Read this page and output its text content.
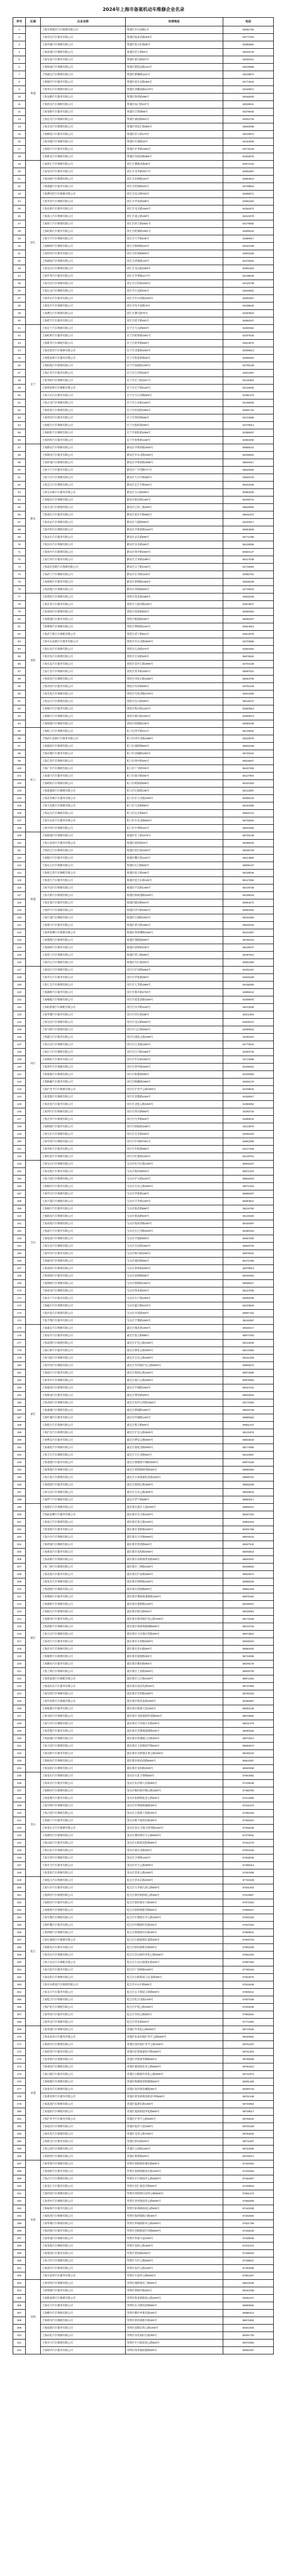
2024年上海市备案机动车维修企业名录
序号	区域	企业名称	经营地址	电话
1	黄浦	上海市黄浦区汽车修理有限公司	黄浦区中山南路1号	63281752
2		上海申达汽车服务有限公司	黄浦区陆家浜路305号	63777015
3		上海外滩汽车维修有限公司	黄浦区复兴东路86号	63350681
4		上海南浦汽车修配有限公司	黄浦区斜土路85号	63048729
5		上海宝泰汽车服务有限公司	黄浦区蒙自路207号	63040212
6		上海恒通汽车维修有限公司	黄浦区制造局路412号	63018896
7		上海捷运汽车修理有限公司	黄浦区瞿溪路1111号	63129874
8		上海城市汽车服务有限公司	黄浦区南车站路456号	63774523
9		上海华东汽车维修有限公司	黄浦区西藏南路1276号	63150871
10		上海龙腾汽车服务有限公司	黄浦区鲁班路388号	63046530
11		上海欣达汽车修配有限公司	黄浦区局门路437号	63028641
12		上海金桥汽车服务有限公司	黄浦区江阴路88号	63279045
13		上海宏达汽车维修有限公司	黄浦区丽园路501号	63052718
14		上海永安汽车修理有限公司	黄浦区徐家汇路555号	63840296
15		上海顺发汽车服务有限公司	黄浦区斜土路170号	63019874
16		上海卓越汽车维修有限公司	黄浦区打浦路15号	64154830
17		上海瑞丰汽车服务有限公司	黄浦区中华路1600号	63775128
18		上海新安汽车修配有限公司	黄浦区河南南路989号	63302576
19	徐汇	上海徐汇汽车维修有限公司	徐汇区漕溪北路88号	64871032
20		上海龙华汽车服务有限公司	徐汇区龙华路2577号	64561987
21		上海田林汽车修理有限公司	徐汇区田林路192号	64853610
22		上海康健汽车服务有限公司	徐汇区桂林路402号	64709823
23		上海漕河泾汽车维修有限公司	徐汇区宜山路700号	64858271
24		上海华泾汽车修配有限公司	徐汇区华发路388号	64961054
25		上海长桥汽车服务有限公司	徐汇区龙吴路1500号	54351872
26		上海凌云汽车维修有限公司	徐汇区凌云路168号	64510379
27		上海斜土汽车修理有限公司	徐汇区斜土路2601号	64170582
28		上海虹梅汽车服务有限公司	徐汇区虹梅路1801号	64855216
29		上海天平汽车维修有限公司	徐汇区天平路245号	64380917
30		上海枫林汽车修配有限公司	徐汇区枫林路420号	64043768
31		上海钦州汽车服务有限公司	徐汇区钦州路800号	64832105
32		上海湖南汽车维修有限公司	徐汇区武康路120号	64378254
33		上海龙吴汽车修理有限公司	徐汇区龙吴路2388号	64951603
34		上海罗秀汽车服务有限公司	徐汇区罗秀路1177号	54108629
35		上海百色汽车维修有限公司	徐汇区百色路1000号	54110738
36		上海石龙汽车修配有限公司	徐汇区石龙路345号	64529081
37		上海中山汽车服务有限公司	徐汇区中山西路2020号	64682307
38		上海宛平汽车维修有限公司	徐汇区宛平南路75号	64038526
39		上海漕宝汽车修理有限公司	徐汇区漕宝路70号	64363918
40		上海桂平汽车服务有限公司	徐汇区桂平路481号	64950247
41	长宁	上海长宁汽车维修有限公司	长宁区天山路900号	62590381
42		上海虹桥汽车服务有限公司	长宁区虹桥路1591号	62197640
43		上海新华汽车修配有限公司	长宁区新华路668号	62813075
44		上海北新泾汽车维修有限公司	长宁区北翟路1000号	62296813
45		上海程家桥汽车服务有限公司	长宁区程家桥路50号	62689054
46		上海仙霞汽车修理有限公司	长宁区仙霞路1200号	62705138
47		上海江苏汽车服务有限公司	长宁区江苏路458号	62521967
48		上海华阳汽车维修有限公司	长宁区长宁路1027号	62115302
49		上海周家桥汽车修配有限公司	长宁区长宁路2100号	62116845
50		上海天山汽车服务有限公司	长宁区天山西路568号	62381479
51		上海古北汽车维修有限公司	长宁区古北路1300号	62196025
52		上海哈密汽车修理有限公司	长宁区哈密路1955号	62681734
53		上海剑河汽车服务有限公司	长宁区剑河路595号	62742568
54		上海临空汽车维修有限公司	长宁区临虹路289号	62379012
55		上海淞虹汽车修配有限公司	长宁区淞虹路1088号	62388457
56		上海协和汽车服务有限公司	长宁区协和路1158号	62683290
57	静安	上海静安汽车维修有限公司	静安区共和新路2000号	56656214
58		上海闸北汽车服务有限公司	静安区中山北路1500号	56338902
59		上海彭浦汽车修理有限公司	静安区共和新路3088号	56649317
60		上海大宁汽车服务有限公司	静安区广中西路777号	56620584
61		上海天目汽车维修有限公司	静安区天目中路380号	63540179
62		上海芷江汽车修配有限公司	静安区芷江中路260号	56321845
63		上海宝山路汽车服务有限公司	静安区宝山路399号	56963028
64		上海临汾汽车维修有限公司	静安区临汾路1400号	56408731
65		上海市北汽车修理有限公司	静安区江场三路288号	66526094
66		上海延长汽车服务有限公司	静安区延长中路585号	56631872
67		上海北站汽车维修有限公司	静安区天潼路890号	63243517
68		上海共和汽车修配有限公司	静安区共和新路1618号	56654830
69		上海灵石汽车服务有限公司	静安区灵石路695号	56771296
70		上海汶水汽车维修有限公司	静安区汶水路450号	56418365
71		上海场中汽车修理有限公司	静安区场中路2500号	56840127
72		上海万荣汽车服务有限公司	静安区万荣路1188号	66317548
73		上海南京西路汽车维修有限公司	静安区江宁路1200号	62716094
74		上海武宁汽车修配有限公司	静安区长寿路1118号	62982751
75		上海新闸汽车服务有限公司	静安区新闸路1608号	62539168
76		上海西康汽车维修有限公司	静安区西康路900号	62710843
77	普陀	上海普陀汽车维修有限公司	普陀区真北路1888号	52825106
78		上海长风汽车服务有限公司	普陀区大渡河路168号	52813947
79		上海真如汽车修理有限公司	普陀区真如路600号	52650381
80		上海桃浦汽车服务有限公司	普陀区桃浦路458号	56050297
81		上海曹杨汽车维修有限公司	普陀区曹杨路1040号	52844613
82		上海武宁路汽车修配有限公司	普陀区武宁路501号	52912078
83		上海中山北路汽车服务有限公司	普陀区中山北路2800号	52703596
84		上海石泉汽车维修有限公司	普陀区石泉路370号	52563481
85		上海甘泉汽车修理有限公司	普陀区甘泉路200号	56076924
86		上海长征汽车服务有限公司	普陀区金沙江路2890号	52704138
87		上海万里汽车维修有限公司	普陀区真华路1000号	66087521
88		上海祁连汽车修配有限公司	普陀区祁连山路1888号	66063790
89		上海岚皋汽车服务有限公司	普陀区岚皋路555号	52781436
90		上海光复汽车维修有限公司	普陀区光复西路2700号	52641805
91		上海宜川汽车修理有限公司	普陀区宜川路380号	56018372
92		上海梅川汽车服务有限公司	普陀区梅川路1310号	52650914
93		上海铜川汽车维修有限公司	普陀区铜川路1500号	52846073
94		上海绥德汽车修配有限公司	普陀区绥德路135号	56083249
95	虹口	上海虹口汽车维修有限公司	虹口区四平路421号	65419832
96		上海四川北路汽车服务有限公司	虹口区四川北路1688号	63249075
97		上海曲阳汽车修理有限公司	虹口区曲阳路800号	65503168
98		上海凉城汽车服务有限公司	虹口区凉城路1000号	56720431
99		上海江湾汽车维修有限公司	虹口区场中路200号	65615827
100		上海广中汽车修配有限公司	虹口区广中路700号	65407392
101		上海嘉兴汽车服务有限公司	虹口区嘉兴路260号	65127804
102		上海欧阳汽车维修有限公司	虹口区欧阳路568号	65421063
103		上海提篮桥汽车修理有限公司	虹口区长阳路138号	65412597
104		上海北外滩汽车服务有限公司	虹口区东大名路1000号	65359120
105		上海大连路汽车维修有限公司	虹口区大连路950号	65424386
106		上海运光汽车修配有限公司	虹口区运光路88号	65600741
107		上海车站北汽车服务有限公司	虹口区车站北路600号	56725918
108		上海中州汽车维修有限公司	虹口区中州路102号	65542683
109	杨浦	上海杨浦汽车维修有限公司	杨浦区军工路1076号	65730148
110		上海五角场汽车服务有限公司	杨浦区国权路39号	65489203
111		上海控江汽车修理有限公司	杨浦区控江路1500号	65036729
112		上海殷行汽车服务有限公司	杨浦区嫩江路1100号	65614850
113		上海长白汽车维修有限公司	杨浦区长白路500号	65805137
114		上海新江湾汽车修配有限公司	杨浦区政立路485号	55229046
115		上海延吉汽车服务有限公司	杨浦区延吉东路169号	65147582
116		上海平凉汽车维修有限公司	杨浦区平凉路1398号	65419736
117		上海大桥汽车修理有限公司	杨浦区杨树浦路2200号	65436018
118		上海定海汽车服务有限公司	杨浦区隆昌路619号	65394271
119		上海四平汽车维修有限公司	杨浦区四平路2500号	65982034
120		上海江浦汽车修配有限公司	杨浦区江浦路1500号	65161893
121		上海黄兴汽车服务有限公司	杨浦区黄兴路1800号	65530426
122		上海周家嘴汽车维修有限公司	杨浦区周家嘴路3255号	65421957
123		上海翔殷汽车修理有限公司	杨浦区翔殷路999号	65790318
124		上海国和汽车服务有限公司	杨浦区国和路346号	65126047
125		上海营口汽车维修有限公司	杨浦区营口路588号	65487612
126		上海内江汽车修配有限公司	杨浦区内江路200号	65892380
127	闵行	上海闵行汽车维修有限公司	闵行区沪闵路6088号	64301257
128		上海莘庄汽车服务有限公司	闵行区莘松路380号	64926108
129		上海七宝汽车修理有限公司	闵行区七莘路1888号	64198350
130		上海颛桥汽车服务有限公司	闵行区都市路2700号	64898412
131		上海梅陇汽车维修有限公司	闵行区莲花南路1500号	64308975
132		上海虹桥镇汽车修配有限公司	闵行区吴中路1100号	64012638
133		上海华漕汽车服务有限公司	闵行区华江路288号	62211094
134		上海吴泾汽车维修有限公司	闵行区龙吴路5500号	64505372
135		上海马桥汽车修理有限公司	闵行区元江路3000号	64090815
136		上海浦江汽车服务有限公司	闵行区浦星公路1969号	34260187
137		上海古美汽车维修有限公司	闵行区古美路1500号	64770943
138		上海江川汽车修配有限公司	闵行区江川路1688号	64350726
139		上海新虹汽车服务有限公司	闵行区申长路1500号	34712598
140		上海春申汽车维修有限公司	闵行区春申路2525号	54408261
141		上海银都汽车修理有限公司	闵行区银都路388号	64325083
142		上海顾戴汽车服务有限公司	闵行区顾戴路2988号	54845179
143		上海沪青平汽车维修有限公司	闵行区沪青平公路1000号	64208634
144		上海金都汽车修配有限公司	闵行区金都路4299号	54400917
145		上海北松汽车服务有限公司	闵行区北松公路1500号	64360852
146		上海剑川汽车维修有限公司	闵行区剑川路950号	34293716
147		上海光华汽车修理有限公司	闵行区光华路600号	64889043
148		上海联航汽车服务有限公司	闵行区联航路1188号	34122570
149		上海友东汽车维修有限公司	闵行区友东路358号	64081629
150		上海中春汽车修配有限公司	闵行区中春路7001号	64962385
151		上海申虹汽车服务有限公司	闵行区申虹路988号	62217408
152		上海纪翟汽车维修有限公司	闵行区纪翟路1200号	62219761
153	宝山	上海宝山汽车维修有限公司	宝山区牡丹江路1300号	56601837
154		上海吴淞汽车服务有限公司	宝山区淞滨路600号	56671204
155		上海大场汽车修理有限公司	宝山区沪太路3100号	56502918
156		上海顾村汽车服务有限公司	宝山区宝安公路2500号	36071453
157		上海罗店汽车维修有限公司	宝山区罗新路188号	56866307
158		上海月浦汽车修配有限公司	宝山区月罗路1200号	56694821
159		上海杨行汽车服务有限公司	宝山区杨北路888号	36216750
160		上海淞南汽车维修有限公司	宝山区淞南路500号	56130482
161		上海高境汽车修理有限公司	宝山区殷高西路200号	56420397
162		上海庙行汽车服务有限公司	宝山区长江西路2000号	56480163
163		上海张庙汽车维修有限公司	宝山区共康路600号	56457208
164		上海友谊汽车修配有限公司	宝山区友谊路1500号	56603794
165		上海罗泾汽车服务有限公司	宝山区陈川路1000号	56875031
166		上海通河汽车维修有限公司	宝山区通河路666号	56471286
167		上海泰和汽车修理有限公司	宝山区泰和路2050号	36379814
168		上海富锦汽车服务有限公司	宝山区富锦路885号	56150462
169		上海锦秋汽车维修有限公司	宝山区锦秋路1500号	56598317
170		上海场北汽车修配有限公司	宝山区场北路400号	56417935
171		上海水产汽车服务有限公司	宝山区水产路2388号	56692048
172		上海蕰川汽车维修有限公司	宝山区蕰川路5475号	56150829
173		上海共富汽车修理有限公司	宝山区共富路300号	66867154
174		上海丰翔汽车服务有限公司	宝山区丰翔路1500号	36162597
175	嘉定	上海嘉定汽车维修有限公司	嘉定区城北路1800号	59530417
176		上海安亭汽车服务有限公司	嘉定区墨玉路888号	69577203
177		上海南翔汽车修理有限公司	嘉定区沪宜公路1000号	59122845
178		上海江桥汽车服务有限公司	嘉定区曹安公路3000号	59141962
179		上海马陆汽车维修有限公司	嘉定区宝安公路1800号	59151308
180		上海外冈汽车修配有限公司	嘉定区外冈镇沪宜公路5000号	59592674
181		上海徐行汽车服务有限公司	嘉定区澄浏公路1500号	59973580
182		上海华亭汽车维修有限公司	嘉定区嘉行公路2000号	59975093
183		上海菊园汽车修理有限公司	嘉定区平城路1000号	59167241
184		上海新成汽车服务有限公司	嘉定区博乐路300号	59532816
185		上海真新汽车维修有限公司	嘉定区金沙江西路1555号	52171093
186		上海嘉城汽车修配有限公司	嘉定区塔城路1600号	59526738
187		上海叶城汽车服务有限公司	嘉定区叶城路1200号	69989254
188		上海胜辛汽车维修有限公司	嘉定区胜辛路600号	59901437
189		上海沪宜汽车修理有限公司	嘉定区沪宜公路3600号	59131875
190		上海曹安汽车服务有限公司	嘉定区曹安公路5500号	59503620
191		上海嘉松汽车维修有限公司	嘉定区嘉松北路6000号	59174082
192		上海丰庄汽车修配有限公司	嘉定区丰庄北路500号	59140597
193		上海娄塘汽车服务有限公司	嘉定区娄塘镇平城路3000号	59971628
194		上海黄渡汽车维修有限公司	嘉定区黄渡镇绿苑路300号	59590384
195		上海方泰汽车修理有限公司	嘉定区方泰镇嘉松北路1100号	59595761
196		上海澄浏汽车服务有限公司	嘉定区澄浏公路4000号	59556209
197		上海宝安汽车维修有限公司	嘉定区宝安公路4600号	59528643
198		上海伊宁汽车修配有限公司	嘉定区伊宁路888号	59583017
199	浦东	上海浦东汽车维修有限公司	浦东新区浦东大道2000号	58855021
200		上海陆家嘴汽车服务有限公司	浦东新区东方路1500号	58307162
201		上海张江汽车修理有限公司	浦东新区张江路1000号	50801943
202		上海金桥汽车服务有限公司	浦东新区金桥路1800号	50301768
203		上海川沙汽车维修有限公司	浦东新区川沙路5000号	58970215
204		上海周浦汽车修配有限公司	浦东新区周园路600号	68187342
205		上海惠南汽车服务有限公司	浦东新区南祝路2000号	58003819
206		上海高桥汽车维修有限公司	浦东新区高桥镇季景路300号	58640297
207		上海三林汽车修理有限公司	浦东新区三林路1000号	68408653
208		上海北蔡汽车服务有限公司	浦东新区沪南路2600号	68925074
209		上海花木汽车维修有限公司	浦东新区锦绣路1500号	50585236
210		上海唐镇汽车修配有限公司	浦东新区唐镇路800号	58961409
211		上海曹路汽车服务有限公司	浦东新区曹路镇龚路路1000号	58975182
212		上海康桥汽车维修有限公司	浦东新区康桥路1200号	68185937
213		上海航头汽车修理有限公司	浦东新区航头路500号	58225061
214		上海新场汽车服务有限公司	浦东新区新场镇沪南公路7000号	58170348
215		上海祝桥汽车维修有限公司	浦东新区祝桥镇航城路800号	58104726
216		上海合庆汽车修配有限公司	浦东新区合庆镇庆荣路300号	58973851
217		上海高行汽车服务有限公司	浦东新区东靖路2000号	50628319
218		上海洋泾汽车维修有限公司	浦东新区羽山路500号	58850462
219		上海塘桥汽车修理有限公司	浦东新区浦建路300号	58732095
220		上海潍坊汽车服务有限公司	浦东新区潍坊路800号	58209178
221		上海上钢汽车维修有限公司	浦东新区上南路2500号	58826730
222		上海周家渡汽车修配有限公司	浦东新区云台路1000号	58871264
223		上海南码头汽车服务有限公司	浦东新区南码头路400号	58737903
224		上海东明汽车维修有限公司	浦东新区东明路1800号	68762418
225		上海外高桥汽车修理有限公司	浦东新区杨高北路2000号	50460597
226		上海临港汽车服务有限公司	浦东新区临港大道1500号	68283145
227		上海书院汽车维修有限公司	浦东新区书院镇新欣南路600号	58070862
228		上海万祥汽车修配有限公司	浦东新区万祥镇万宏路200号	58231479
229		上海老港汽车服务有限公司	浦东新区老港镇建港路400号	58050326
230		上海泥城汽车维修有限公司	浦东新区泥城镇云汉路300号	58072514
231		上海大团汽车修理有限公司	浦东新区大团镇团芦路500号	58060973
232		上海宣桥汽车服务有限公司	浦东新区宣桥镇宣黄公路1800号	58180243
233		上海杨高汽车维修有限公司	浦东新区杨高南路5000号	58811067
234		上海龙阳汽车修配有限公司	浦东新区龙阳路2000号	68540938
235	金山	上海金山汽车维修有限公司	金山区石化卫零路500号	57943062
236		上海朱泾汽车服务有限公司	金山区朱泾镇人民路800号	57315048
237		上海枫泾汽车修理有限公司	金山区枫泾镇亭枫公路1000号	57355793
238		上海张堰汽车服务有限公司	金山区张堰镇松金公路600号	57212806
239		上海亭林汽车维修有限公司	金山区亭林镇林盛路300号	57231674
240		上海吕巷汽车修配有限公司	金山区吕巷镇干巷路200号	57381925
241		上海廊下汽车服务有限公司	金山区廊下镇景乐路400号	57359210
242		上海金山卫汽车维修有限公司	金山区金山卫镇卫清西路1500号	57256438
243		上海漕泾汽车修理有限公司	金山区漕泾镇亭卫公路5000号	57270831
244		上海山阳汽车服务有限公司	金山区山阳镇龙皓路800号	57243179
245		上海石化汽车维修有限公司	金山区蒙山北路300号	57941526
246		上海卫零汽车修配有限公司	金山区卫零路1200号	57928045
247		上海亭卫汽车服务有限公司	金山区亭卫公路3000号	57286314
248		上海金张汽车维修有限公司	金山区金张公路1500号	57297608
249	松江	上海松江汽车维修有限公司	松江区荣乐东路2000号	57740238
250		上海九亭汽车服务有限公司	松江区九亭镇九新公路500号	57631402
251		上海泗泾汽车修理有限公司	松江区泗泾镇泗砖公路300号	57619857
252		上海洞泾汽车服务有限公司	松江区洞泾镇长兴路600号	57670316
253		上海新桥汽车维修有限公司	松江区新桥镇新茸路800号	57686927
254		上海车墩汽车修配有限公司	松江区车墩镇车亭公路1000号	57602184
255		上海叶榭汽车服务有限公司	松江区叶榭镇叶旺路200号	57521063
256		上海泖港汽车维修有限公司	松江区泖港镇中民路400号	57869541
257		上海石湖荡汽车修理有限公司	松江区石湖荡镇东夏路300号	57845720
258		上海新浜汽车服务有限公司	松江区新浜镇新乐路500号	57891036
259		上海佘山汽车维修有限公司	松江区佘山镇外青松公路6000号	57651284
260		上海小昆山汽车修配有限公司	松江区小昆山镇港业路400号	57857693
261		上海方松汽车服务有限公司	松江区广富林路1000号	67750418
262		上海岳阳汽车维修有限公司	松江区岳阳街道人民北路300号	57823075
263		上海中山街道汽车修理有限公司	松江区中山中路800号	57812649
264		上海永丰汽车服务有限公司	松江区永丰街道玉树路500号	57805312
265		上海松卫汽车维修有限公司	松江区松卫北路1200号	57837946
266		上海沪松汽车修配有限公司	松江区沪松公路1500号	57646208
267		上海莘砖汽车服务有限公司	松江区莘砖公路500号	57692531
268		上海茸北汽车维修有限公司	松江区茸北路300号	57771894
269	青浦	上海青浦汽车维修有限公司	青浦区外青松公路5000号	59713026
270		上海朱家角汽车服务有限公司	青浦区朱家角镇沪青平公路6000号	59240581
271		上海徐泾汽车修理有限公司	青浦区徐泾镇沪青平公路1500号	59761937
272		上海赵巷汽车服务有限公司	青浦区赵巷镇嘉松中路3000号	59751204
273		上海华新汽车维修有限公司	青浦区华新镇华腾路800号	59790658
274		上海重固汽车修配有限公司	青浦区重固镇北青公路5500号	59784312
275		上海白鹤汽车服务有限公司	青浦区白鹤镇外青松公路8000号	59741873
276		上海练塘汽车维修有限公司	青浦区练塘镇章练塘路500号	59251496
277		上海金泽汽车修理有限公司	青浦区金泽镇金溪路300号	59290725
278		上海香花桥汽车服务有限公司	青浦区香花桥街道新府中路800号	59701348
279		上海盈浦汽车维修有限公司	青浦区盈港东路1000号	59720963
280		上海夏阳汽车修配有限公司	青浦区夏阳街道青松路600号	59728517
281		上海沪青平汽车服务有限公司	青浦区沪青平公路3000号	59768042
282		上海崧泽汽车维修有限公司	青浦区崧泽大道1500号	59702169
283		上海北青汽车修理有限公司	青浦区北青公路7000号	59784630
284		上海新达汽车服务有限公司	青浦区新达路200号	59711487
285		上海公园汽车维修有限公司	青浦区公园路1200号	59734925
286		上海胜利汽车修配有限公司	青浦区胜利路400号	59726071
287	奉贤	上海奉贤汽车维修有限公司	奉贤区南桥镇环城东路800号	57420318
288		上海南桥汽车服务有限公司	奉贤区南桥镇解放东路1000号	57191653
289		上海庄行汽车修理有限公司	奉贤区庄行镇南亭公路3000号	57461907
290		上海金汇汽车服务有限公司	奉贤区金汇镇金齐路500号	57402816
291		上海四团汽车维修有限公司	奉贤区四团镇川南奉公路8000号	57561274
292		上海青村汽车修配有限公司	奉贤区青村镇南奉公路9000号	57566309
293		上海柘林汽车服务有限公司	奉贤区柘林镇南胡公路600号	57441835
294		上海海湾汽车维修有限公司	奉贤区海湾镇海兴路300号	57160492
295		上海奉城汽车修理有限公司	奉贤区奉城镇新奉公路2000号	57521768
296		上海西渡汽车服务有限公司	奉贤区西渡街道沪闵路8000号	57156230
297		上海奉浦汽车维修有限公司	奉贤区奉浦大道1500号	57186945
298		上海金海汽车修配有限公司	奉贤区金海公路4000号	57101372
299		上海望园汽车服务有限公司	奉贤区望园路2000号	57185016
300		上海大叶汽车维修有限公司	奉贤区大叶公路5000号	57438621
301		上海南亭汽车修理有限公司	奉贤区南亭公路1500号	57462938
302		上海川南奉汽车服务有限公司	奉贤区川南奉公路6000号	57554107
303	崇明	上海崇明汽车维修有限公司	崇明区城桥镇东门路500号	69612035
304		上海堡镇汽车服务有限公司	崇明区堡镇中路300号	59442168
305		上海陈家镇汽车修理有限公司	崇明区陈家镇陈海公路2000号	59481327
306		上海长兴汽车服务有限公司	崇明区长兴镇凤滨路800号	56850694
307		上海横沙汽车维修有限公司	崇明区横沙乡新民路200号	56880413
308		上海新河汽车修配有限公司	崇明区新河镇新中路400号	59671852
309		上海庙镇汽车服务有限公司	崇明区庙镇宏海公路1000号	59341926
310		上海向化汽车维修有限公司	崇明区向化镇向宏路300号	59451730
311		上海中兴汽车修理有限公司	崇明区中兴镇北陈公路500号	59470384
312		上海绿华汽车服务有限公司	崇明区绿华镇绿港路600号	59391057
